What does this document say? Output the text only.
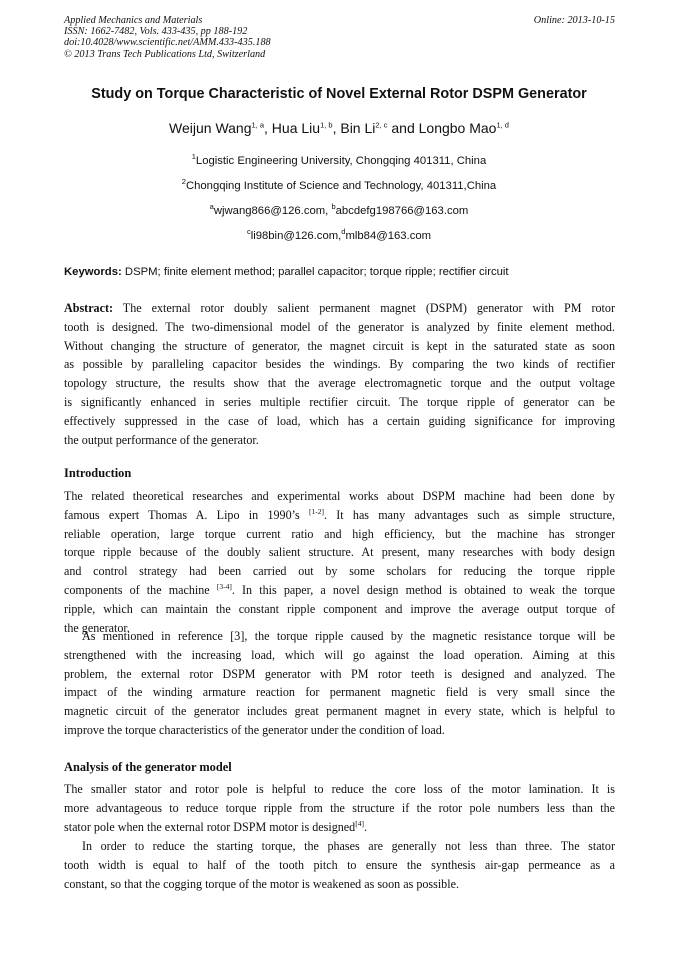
Applied Mechanics and Materials
ISSN: 1662-7482, Vols. 433-435, pp 188-192
doi:10.4028/www.scientific.net/AMM.433-435.188
© 2013 Trans Tech Publications Ltd, Switzerland
Online: 2013-10-15
Study on Torque Characteristic of Novel External Rotor DSPM Generator
Weijun Wang$^{1, a}$, Hua Liu$^{1, b}$, Bin Li$^{2, c}$ and Longbo Mao$^{1, d}$
$^1$Logistic Engineering University, Chongqing 401311, China
$^2$Chongqing Institute of Science and Technology, 401311,China
$^a$wjwang866@126.com, $^b$abcdefg198766@163.com
$^c$li98bin@126.com,$^d$mlb84@163.com
Keywords: DSPM; finite element method; parallel capacitor; torque ripple; rectifier circuit
Abstract: The external rotor doubly salient permanent magnet (DSPM) generator with PM rotor
tooth is designed. The two-dimensional model of the generator is analyzed by finite element method.
Without changing the structure of generator, the magnet circuit is kept in the saturated state as soon
as possible by paralleling capacitor besides the windings. By comparing the two kinds of rectifier
topology structure, the results show that the average electromagnetic torque and the output voltage
is significantly enhanced in series multiple rectifier circuit. The torque ripple of generator can be
effectively suppressed in the case of load, which has a certain guiding significance for improving
the output performance of the generator.
Introduction
The related theoretical researches and experimental works about DSPM machine had been done by
famous expert Thomas A. Lipo in 1990’s [1-2]. It has many advantages such as simple structure,
reliable operation, large torque current ratio and high efficiency, but the machine has stronger
torque ripple because of the doubly salient structure. At present, many researches with body design
and control strategy had been carried out by some scholars for reducing the torque ripple
components of the machine [3-4]. In this paper, a novel design method is obtained to weak the torque
ripple, which can maintain the constant ripple component and improve the average output torque of
the generator.
As mentioned in reference [3], the torque ripple caused by the magnetic resistance torque will be
strengthened with the increasing load, which will go against the load operation. Aiming at this
problem, the external rotor DSPM generator with PM rotor teeth is designed and analyzed. The
impact of the winding armature reaction for permanent magnetic field is very small since the
magnetic circuit of the generator includes great permanent magnet in every state, which is helpful to
improve the torque characteristics of the generator under the condition of load.
Analysis of the generator model
The smaller stator and rotor pole is helpful to reduce the core loss of the motor lamination. It is
more advantageous to reduce torque ripple from the structure if the rotor pole numbers less than the
stator pole when the external rotor DSPM motor is designed[4].
In order to reduce the starting torque, the phases are generally not less than three. The stator
tooth width is equal to half of the tooth pitch to ensure the synthesis air-gap permeance as a
constant, so that the cogging torque of the motor is weakened as soon as possible.
